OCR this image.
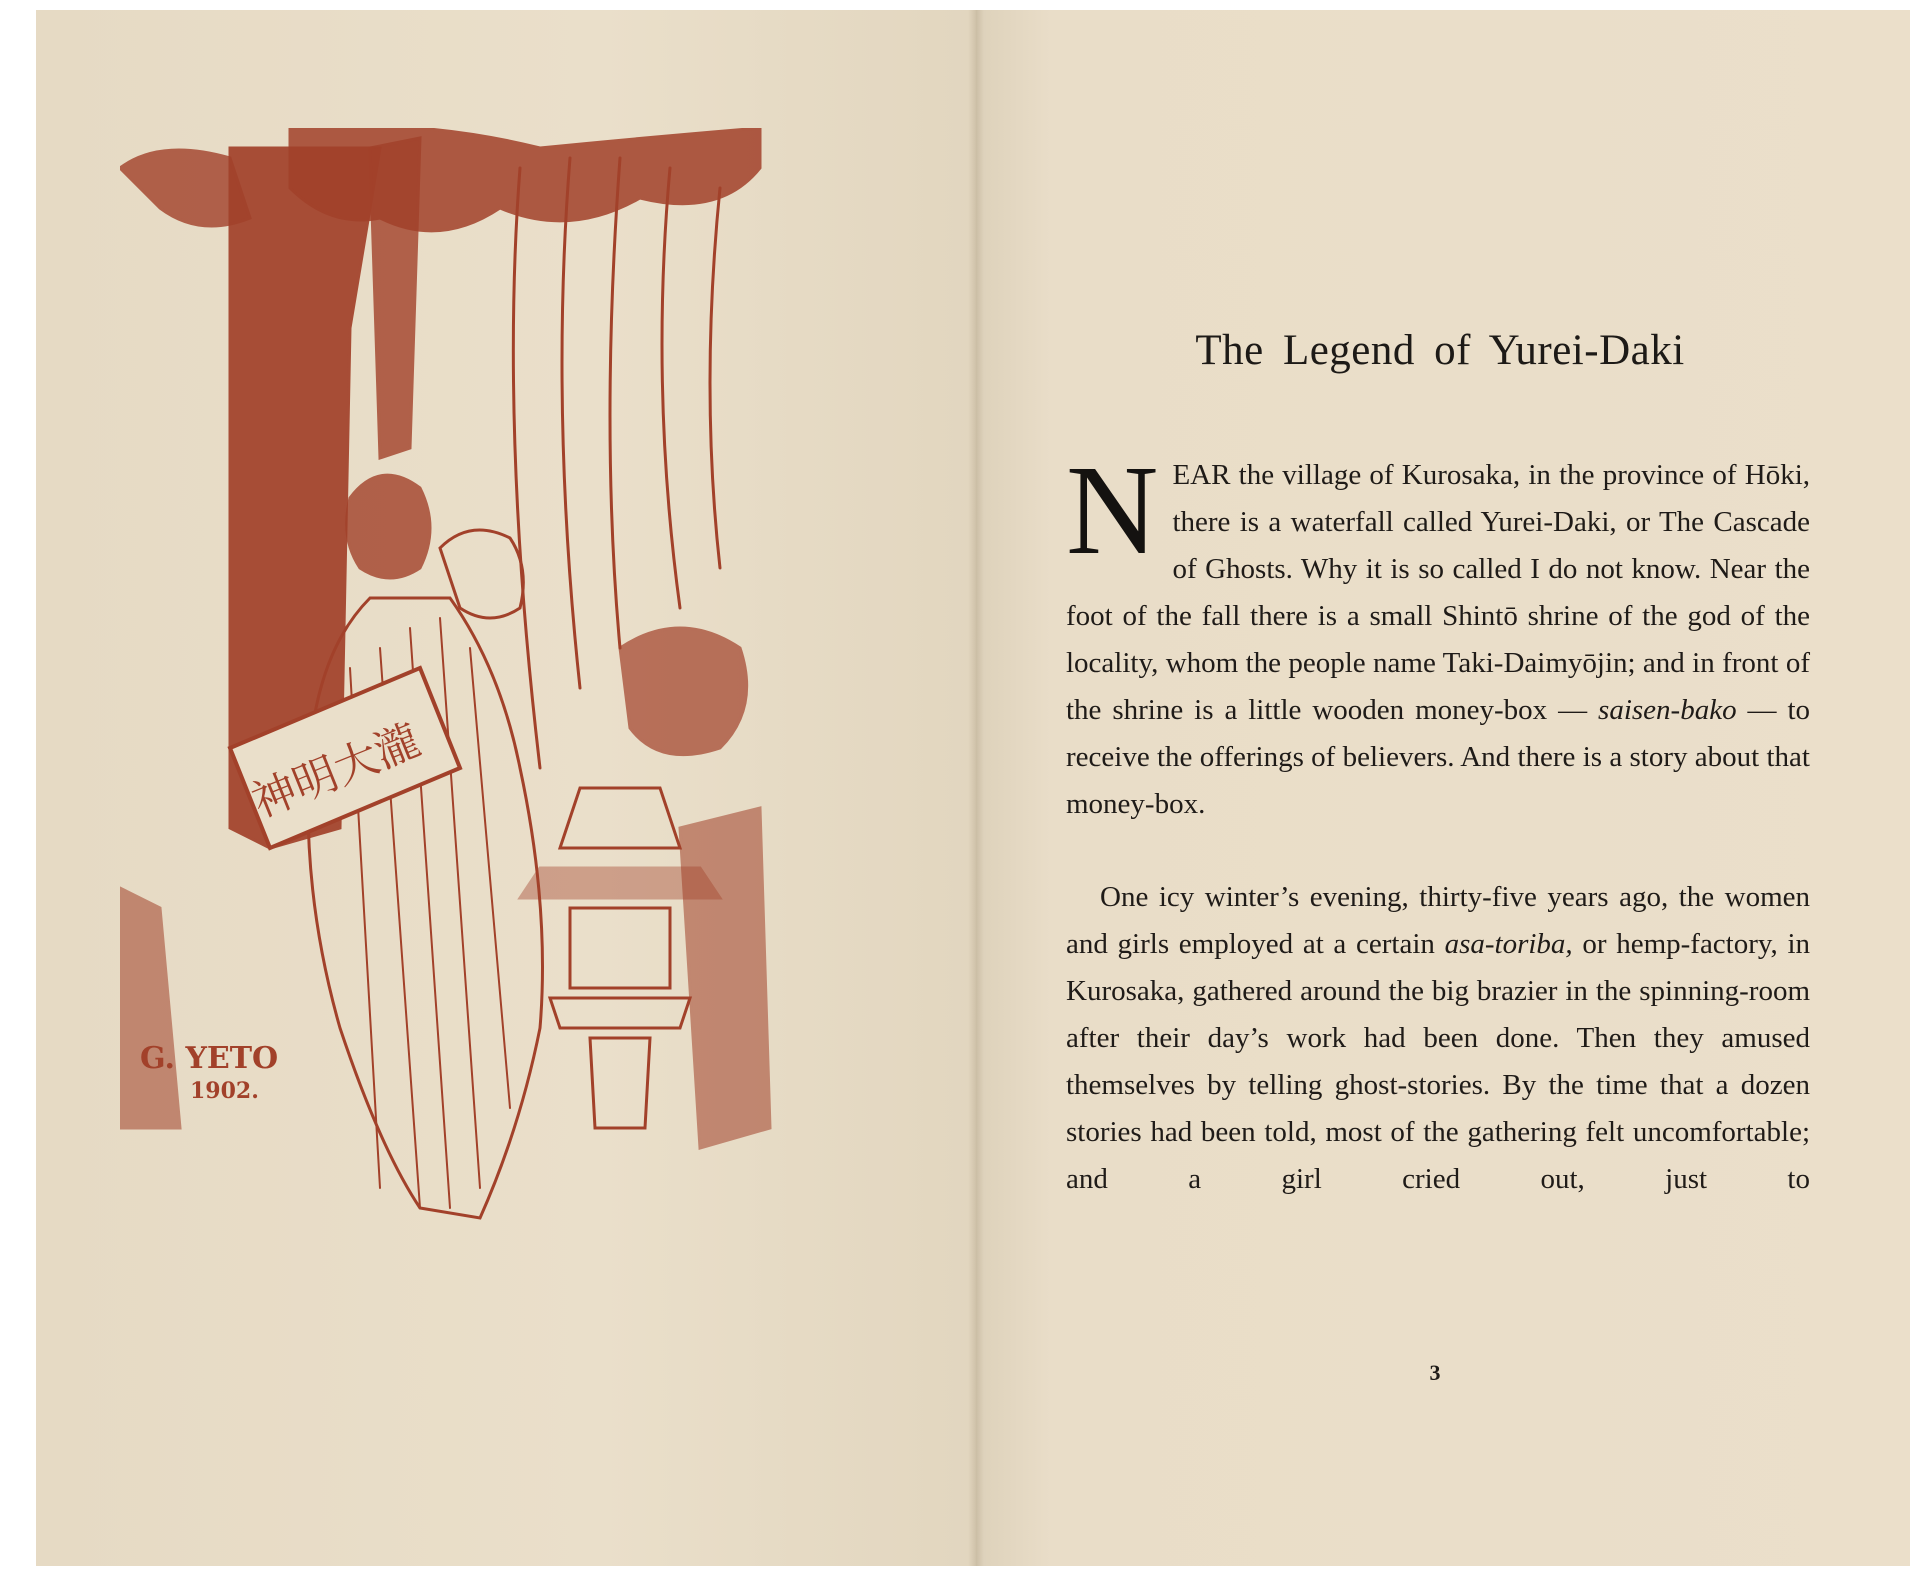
神明大瀧
G. YETO
1902.
The Legend of Yurei-Daki

NEAR the village of Kurosaka, in the province of Hōki, there is a waterfall called Yurei-Daki, or The Cascade of Ghosts. Why it is so called I do not know. Near the foot of the fall there is a small Shintō shrine of the god of the locality, whom the people name Taki-Daimyōjin; and in front of the shrine is a little wooden money-box — saisen-bako — to receive the offerings of believers. And there is a story about that money-box.

One icy winter’s evening, thirty-five years ago, the women and girls employed at a certain asa-toriba, or hemp-factory, in Kurosaka, gathered around the big brazier in the spinning-room after their day’s work had been done. Then they amused themselves by telling ghost-stories. By the time that a dozen stories had been told, most of the gathering felt uncomfortable; and a girl cried out, just to

3
